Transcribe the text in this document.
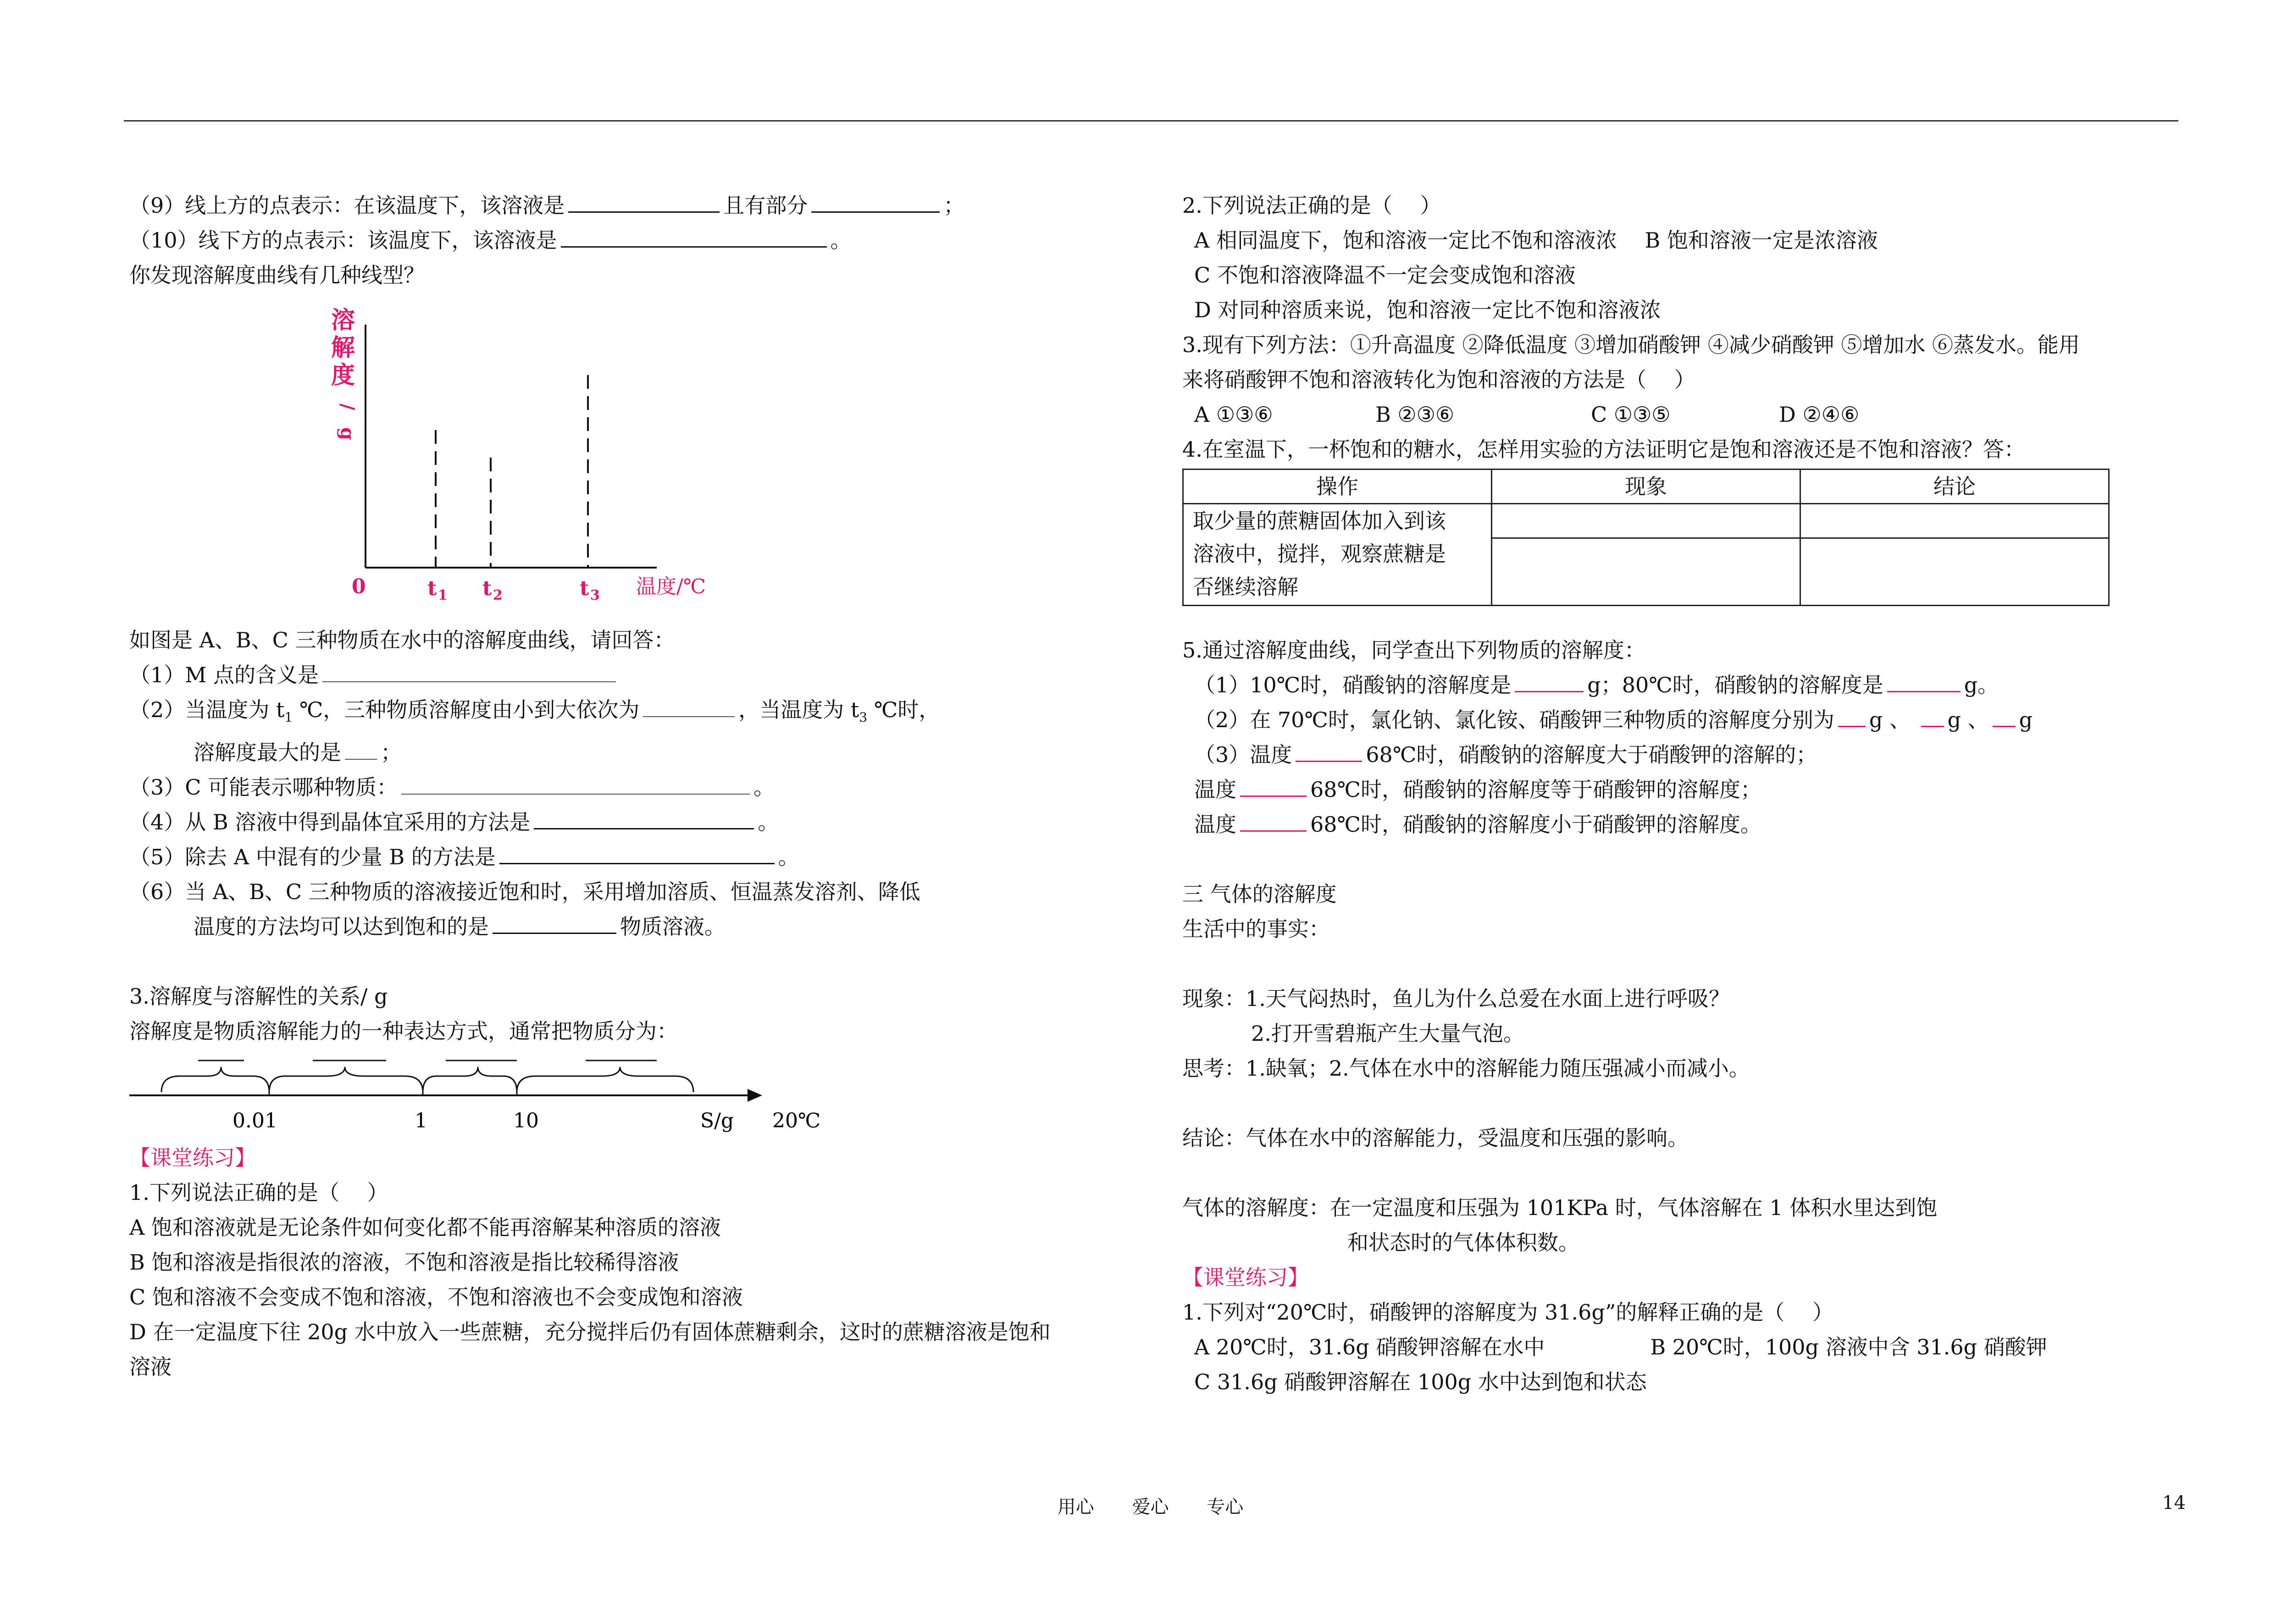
（9）线上方的点表示：在该温度下，该溶液是	且有部分	；
（10）线下方的点表示：该温度下，该溶液是	。
你发现溶解度曲线有几种线型？
溶
解
度
/
g
0	t 1 t 2	t 3 温度/℃
如图是 A、B、C 三种物质在水中的溶解度曲线，请回答：
（1）M 点的含义是
（2）当温度为 $t_1$ ℃，三种物质溶解度由小到大依次为	，当温度为 $t_3$ ℃时，
溶解度最大的是 ；
（3）C 可能表示哪种物质：	。
（4）从 B 溶液中得到晶体宜采用的方法是	。
（5）除去 A 中混有的少量 B 的方法是	。
（6）当 A、B、C 三种物质的溶液接近饱和时，采用增加溶质、恒温蒸发溶剂、降低
温度的方法均可以达到饱和的是	物质溶液。
3.溶解度与溶解性的关系/ g
溶解度是物质溶解能力的一种表达方式，通常把物质分为：
0.01	1	10	S/g 20℃
【课堂练习】
1.下列说法正确的是（　 ）
A 饱和溶液就是无论条件如何变化都不能再溶解某种溶质的溶液
B 饱和溶液是指很浓的溶液，不饱和溶液是指比较稀得溶液
C 饱和溶液不会变成不饱和溶液，不饱和溶液也不会变成饱和溶液
D 在一定温度下往 20g 水中放入一些蔗糖，充分搅拌后仍有固体蔗糖剩余，这时的蔗糖溶液是饱和
溶液
2.下列说法正确的是（　 ）
A 相同温度下，饱和溶液一定比不饱和溶液浓　 B 饱和溶液一定是浓溶液
C 不饱和溶液降温不一定会变成饱和溶液
D 对同种溶质来说，饱和溶液一定比不饱和溶液浓
3.现有下列方法：①升高温度 ②降低温度 ③增加硝酸钾 ④减少硝酸钾 ⑤增加水 ⑥蒸发水。能用
来将硝酸钾不饱和溶液转化为饱和溶液的方法是（　 ）
A ①③⑥	B ②③⑥	C ①③⑤	D ②④⑥
4.在室温下，一杯饱和的糖水，怎样用实验的方法证明它是饱和溶液还是不饱和溶液？答：
操作	现象	结论

取少量的蔗糖固体加入到该
溶液中，搅拌，观察蔗糖是
否继续溶解		

5.通过溶解度曲线，同学查出下列物质的溶解度：
（1）10℃时，硝酸钠的溶解度是	g；80℃时，硝酸钠的溶解度是	g。
（2）在 70℃时，氯化钠、氯化铵、硝酸钾三种物质的溶解度分别为 g 、 g 、 g
（3）温度	68℃时，硝酸钠的溶解度大于硝酸钾的溶解的；
温度	68℃时，硝酸钠的溶解度等于硝酸钾的溶解度；
温度	68℃时，硝酸钠的溶解度小于硝酸钾的溶解度。
三 气体的溶解度
生活中的事实：
现象：1.天气闷热时，鱼儿为什么总爱在水面上进行呼吸？
2.打开雪碧瓶产生大量气泡。
思考：1.缺氧；2.气体在水中的溶解能力随压强减小而减小。
结论：气体在水中的溶解能力，受温度和压强的影响。
气体的溶解度：在一定温度和压强为 101KPa 时，气体溶解在 1 体积水里达到饱
和状态时的气体体积数。
【课堂练习】
1.下列对“20℃时，硝酸钾的溶解度为 31.6g”的解释正确的是（　 ）
A 20℃时，31.6g 硝酸钾溶解在水中　　　　　B 20℃时，100g 溶液中含 31.6g 硝酸钾
C 31.6g 硝酸钾溶解在 100g 水中达到饱和状态
用心 爱心 专心	14
